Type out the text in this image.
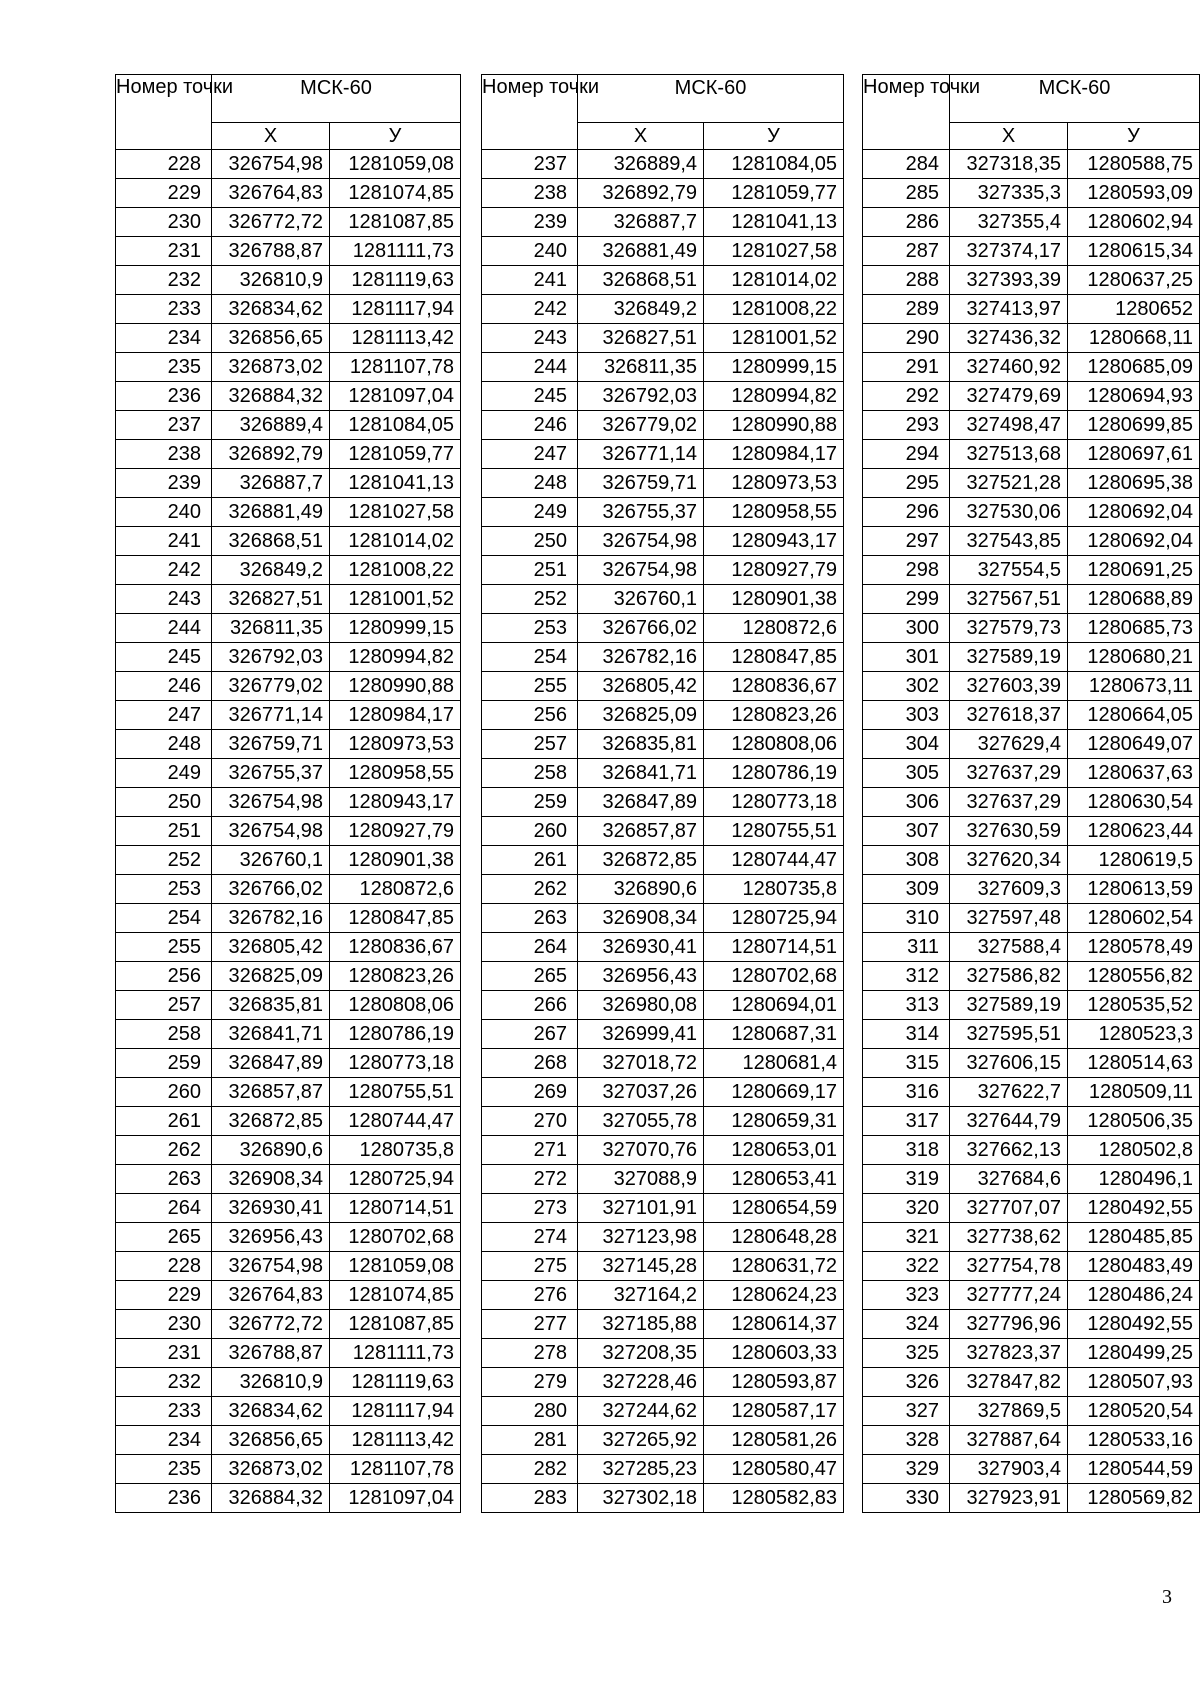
Номер точки	МСК-60	
	X	У
228	326754,98	1281059,08
229	326764,83	1281074,85
230	326772,72	1281087,85
231	326788,87	1281111,73
232	326810,9	1281119,63
233	326834,62	1281117,94
234	326856,65	1281113,42
235	326873,02	1281107,78
236	326884,32	1281097,04
237	326889,4	1281084,05
238	326892,79	1281059,77
239	326887,7	1281041,13
240	326881,49	1281027,58
241	326868,51	1281014,02
242	326849,2	1281008,22
243	326827,51	1281001,52
244	326811,35	1280999,15
245	326792,03	1280994,82
246	326779,02	1280990,88
247	326771,14	1280984,17
248	326759,71	1280973,53
249	326755,37	1280958,55
250	326754,98	1280943,17
251	326754,98	1280927,79
252	326760,1	1280901,38
253	326766,02	1280872,6
254	326782,16	1280847,85
255	326805,42	1280836,67
256	326825,09	1280823,26
257	326835,81	1280808,06
258	326841,71	1280786,19
259	326847,89	1280773,18
260	326857,87	1280755,51
261	326872,85	1280744,47
262	326890,6	1280735,8
263	326908,34	1280725,94
264	326930,41	1280714,51
265	326956,43	1280702,68
228	326754,98	1281059,08
229	326764,83	1281074,85
230	326772,72	1281087,85
231	326788,87	1281111,73
232	326810,9	1281119,63
233	326834,62	1281117,94
234	326856,65	1281113,42
235	326873,02	1281107,78
236	326884,32	1281097,04
Номер точки	МСК-60	
	X	У
237	326889,4	1281084,05
238	326892,79	1281059,77
239	326887,7	1281041,13
240	326881,49	1281027,58
241	326868,51	1281014,02
242	326849,2	1281008,22
243	326827,51	1281001,52
244	326811,35	1280999,15
245	326792,03	1280994,82
246	326779,02	1280990,88
247	326771,14	1280984,17
248	326759,71	1280973,53
249	326755,37	1280958,55
250	326754,98	1280943,17
251	326754,98	1280927,79
252	326760,1	1280901,38
253	326766,02	1280872,6
254	326782,16	1280847,85
255	326805,42	1280836,67
256	326825,09	1280823,26
257	326835,81	1280808,06
258	326841,71	1280786,19
259	326847,89	1280773,18
260	326857,87	1280755,51
261	326872,85	1280744,47
262	326890,6	1280735,8
263	326908,34	1280725,94
264	326930,41	1280714,51
265	326956,43	1280702,68
266	326980,08	1280694,01
267	326999,41	1280687,31
268	327018,72	1280681,4
269	327037,26	1280669,17
270	327055,78	1280659,31
271	327070,76	1280653,01
272	327088,9	1280653,41
273	327101,91	1280654,59
274	327123,98	1280648,28
275	327145,28	1280631,72
276	327164,2	1280624,23
277	327185,88	1280614,37
278	327208,35	1280603,33
279	327228,46	1280593,87
280	327244,62	1280587,17
281	327265,92	1280581,26
282	327285,23	1280580,47
283	327302,18	1280582,83
Номер точки	МСК-60	
	X	У
284	327318,35	1280588,75
285	327335,3	1280593,09
286	327355,4	1280602,94
287	327374,17	1280615,34
288	327393,39	1280637,25
289	327413,97	1280652
290	327436,32	1280668,11
291	327460,92	1280685,09
292	327479,69	1280694,93
293	327498,47	1280699,85
294	327513,68	1280697,61
295	327521,28	1280695,38
296	327530,06	1280692,04
297	327543,85	1280692,04
298	327554,5	1280691,25
299	327567,51	1280688,89
300	327579,73	1280685,73
301	327589,19	1280680,21
302	327603,39	1280673,11
303	327618,37	1280664,05
304	327629,4	1280649,07
305	327637,29	1280637,63
306	327637,29	1280630,54
307	327630,59	1280623,44
308	327620,34	1280619,5
309	327609,3	1280613,59
310	327597,48	1280602,54
311	327588,4	1280578,49
312	327586,82	1280556,82
313	327589,19	1280535,52
314	327595,51	1280523,3
315	327606,15	1280514,63
316	327622,7	1280509,11
317	327644,79	1280506,35
318	327662,13	1280502,8
319	327684,6	1280496,1
320	327707,07	1280492,55
321	327738,62	1280485,85
322	327754,78	1280483,49
323	327777,24	1280486,24
324	327796,96	1280492,55
325	327823,37	1280499,25
326	327847,82	1280507,93
327	327869,5	1280520,54
328	327887,64	1280533,16
329	327903,4	1280544,59
330	327923,91	1280569,82
3
